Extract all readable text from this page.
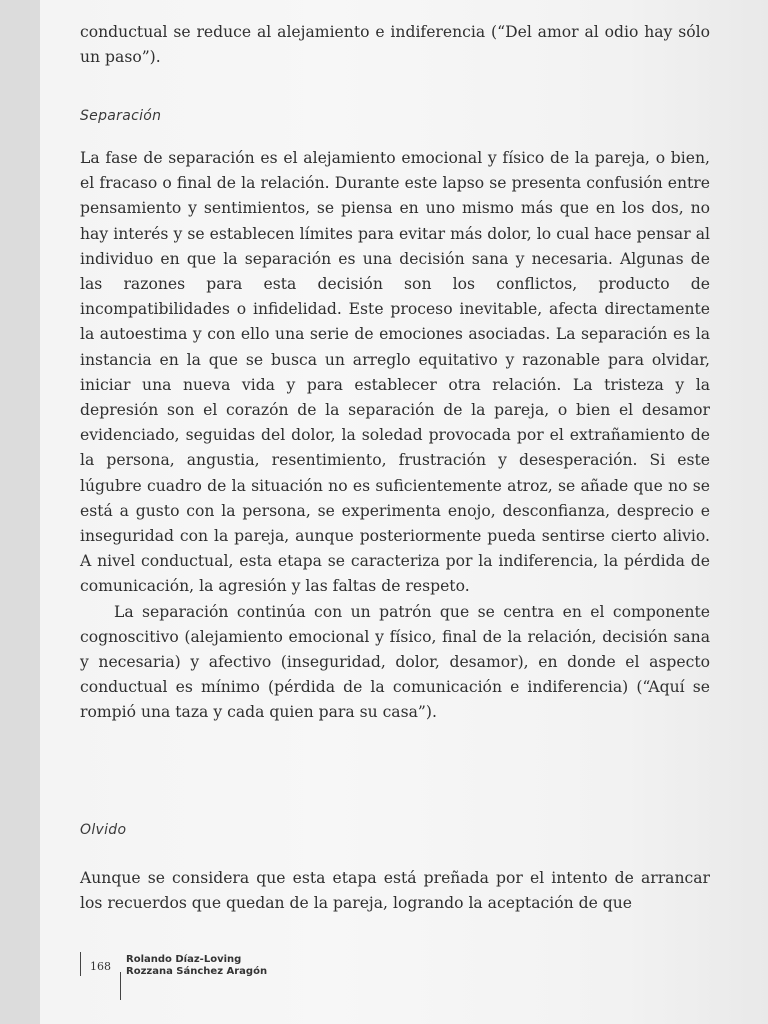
conductual se reduce al alejamiento e indiferencia (“Del amor al odio hay sólo un paso”).

Separación

La fase de separación es el alejamiento emocional y físico de la pareja, o bien, el fracaso o final de la relación. Durante este lapso se presenta confusión entre pensamiento y sentimientos, se piensa en uno mismo más que en los dos, no hay interés y se establecen límites para evitar más dolor, lo cual hace pensar al individuo en que la separación es una decisión sana y necesaria. Algunas de las razones para esta decisión son los conflictos, producto de incompatibilidades o infidelidad. Este proceso inevitable, afecta directamente la autoestima y con ello una serie de emociones asociadas. La separación es la instancia en la que se busca un arreglo equitativo y razonable para olvidar, iniciar una nueva vida y para establecer otra relación. La tristeza y la depresión son el corazón de la separación de la pareja, o bien el desamor evidenciado, seguidas del dolor, la soledad provocada por el extrañamiento de la persona, angustia, resentimiento, frustración y desesperación. Si este lúgubre cuadro de la situación no es suficientemente atroz, se añade que no se está a gusto con la persona, se experimenta enojo, desconfianza, desprecio e inseguridad con la pareja, aunque posteriormente pueda sentirse cierto alivio. A nivel conductual, esta etapa se caracteriza por la indiferencia, la pérdida de comunicación, la agresión y las faltas de respeto.

La separación continúa con un patrón que se centra en el componente cognoscitivo (alejamiento emocional y físico, final de la relación, decisión sana y necesaria) y afectivo (inseguridad, dolor, desamor), en donde el aspecto conductual es mínimo (pérdida de la comunicación e indiferencia) (“Aquí se rompió una taza y cada quien para su casa”).

Olvido

Aunque se considera que esta etapa está preñada por el intento de arrancar los recuerdos que quedan de la pareja, logrando la aceptación de que

168
Rolando Díaz-Loving
Rozzana Sánchez Aragón
